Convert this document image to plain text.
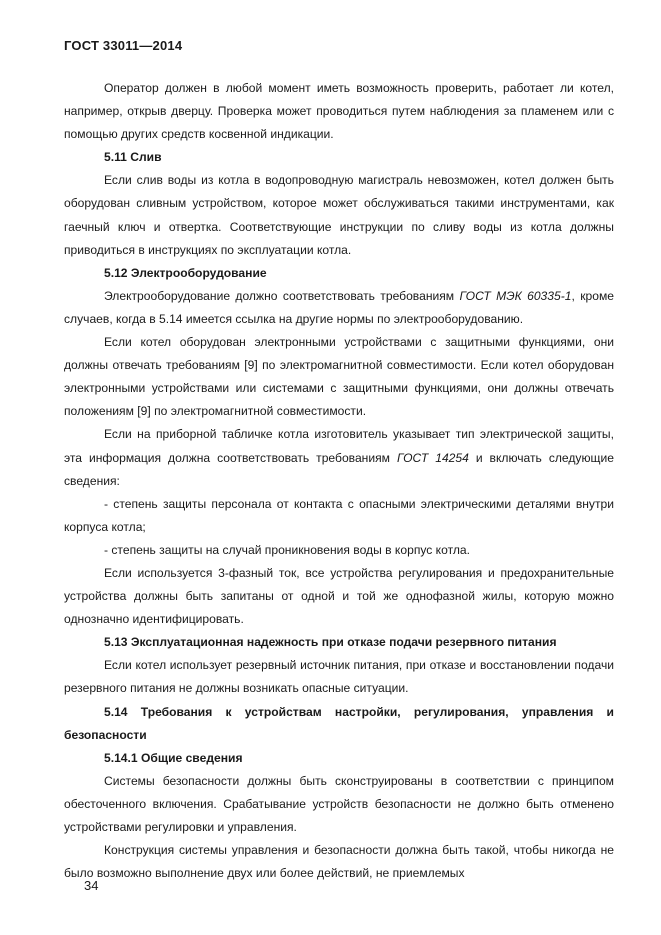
ГОСТ 33011—2014

Оператор должен в любой момент иметь возможность проверить, работает ли котел, например, открыв дверцу. Проверка может проводиться путем наблюдения за пламенем или с помощью других средств косвенной индикации.

5.11 Слив

Если слив воды из котла в водопроводную магистраль невозможен, котел должен быть оборудован сливным устройством, которое может обслуживаться такими инструментами, как гаечный ключ и отвертка. Соответствующие инструкции по сливу воды из котла должны приводиться в инструкциях по эксплуатации котла.

5.12 Электрооборудование

Электрооборудование должно соответствовать требованиям ГОСТ МЭК 60335-1, кроме случаев, когда в 5.14 имеется ссылка на другие нормы по электрооборудованию.

Если котел оборудован электронными устройствами с защитными функциями, они должны отвечать требованиям [9] по электромагнитной совместимости. Если котел оборудован электронными устройствами или системами с защитными функциями, они должны отвечать положениям [9] по электромагнитной совместимости.

Если на приборной табличке котла изготовитель указывает тип электрической защиты, эта информация должна соответствовать требованиям ГОСТ 14254 и включать следующие сведения:

- степень защиты персонала от контакта с опасными электрическими деталями внутри корпуса котла;

- степень защиты на случай проникновения воды в корпус котла.

Если используется 3-фазный ток, все устройства регулирования и предохранительные устройства должны быть запитаны от одной и той же однофазной жилы, которую можно однозначно идентифицировать.

5.13 Эксплуатационная надежность при отказе подачи резервного питания

Если котел использует резервный источник питания, при отказе и восстановлении подачи резервного питания не должны возникать опасные ситуации.

5.14 Требования к устройствам настройки, регулирования, управления и безопасности

5.14.1 Общие сведения

Системы безопасности должны быть сконструированы в соответствии с принципом обесточенного включения. Срабатывание устройств безопасности не должно быть отменено устройствами регулировки и управления.

Конструкция системы управления и безопасности должна быть такой, чтобы никогда не было возможно выполнение двух или более действий, не приемлемых

34
